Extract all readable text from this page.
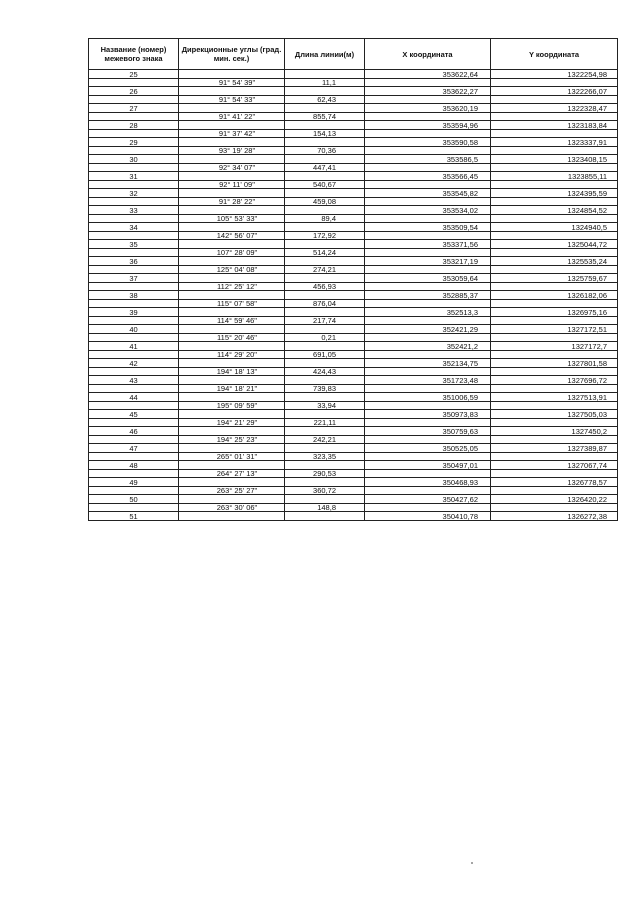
Название (номер) межевого знака	Дирекционные углы (град. мин. сек.)	Длина линии(м)	X координата	Y координата
25			353622,64	1322254,98
	91° 54' 39"	11,1		
26			353622,27	1322266,07
	91° 54' 33"	62,43		
27			353620,19	1322328,47
	91° 41' 22"	855,74		
28			353594,96	1323183,84
	91° 37' 42"	154,13		
29			353590,58	1323337,91
	93° 19' 28"	70,36		
30			353586,5	1323408,15
	92° 34' 07"	447,41		
31			353566,45	1323855,11
	92° 11' 09"	540,67		
32			353545,82	1324395,59
	91° 28' 22"	459,08		
33			353534,02	1324854,52
	105° 53' 33"	89,4		
34			353509,54	1324940,5
	142° 56' 07"	172,92		
35			353371,56	1325044,72
	107° 28' 09"	514,24		
36			353217,19	1325535,24
	125° 04' 08"	274,21		
37			353059,64	1325759,67
	112° 25' 12"	456,93		
38			352885,37	1326182,06
	115° 07' 58"	876,04		
39			352513,3	1326975,16
	114° 59' 46"	217,74		
40			352421,29	1327172,51
	115° 20' 46"	0,21		
41			352421,2	1327172,7
	114° 29' 20"	691,05		
42			352134,75	1327801,58
	194° 18' 13"	424,43		
43			351723,48	1327696,72
	194° 18' 21"	739,83		
44			351006,59	1327513,91
	195° 09' 59"	33,94		
45			350973,83	1327505,03
	194° 21' 29"	221,11		
46			350759,63	1327450,2
	194° 25' 23"	242,21		
47			350525,05	1327389,87
	265° 01' 31"	323,35		
48			350497,01	1327067,74
	264° 27' 13"	290,53		
49			350468,93	1326778,57
	263° 25' 27"	360,72		
50			350427,62	1326420,22
	263° 30' 06"	148,8		
51			350410,78	1326272,38
